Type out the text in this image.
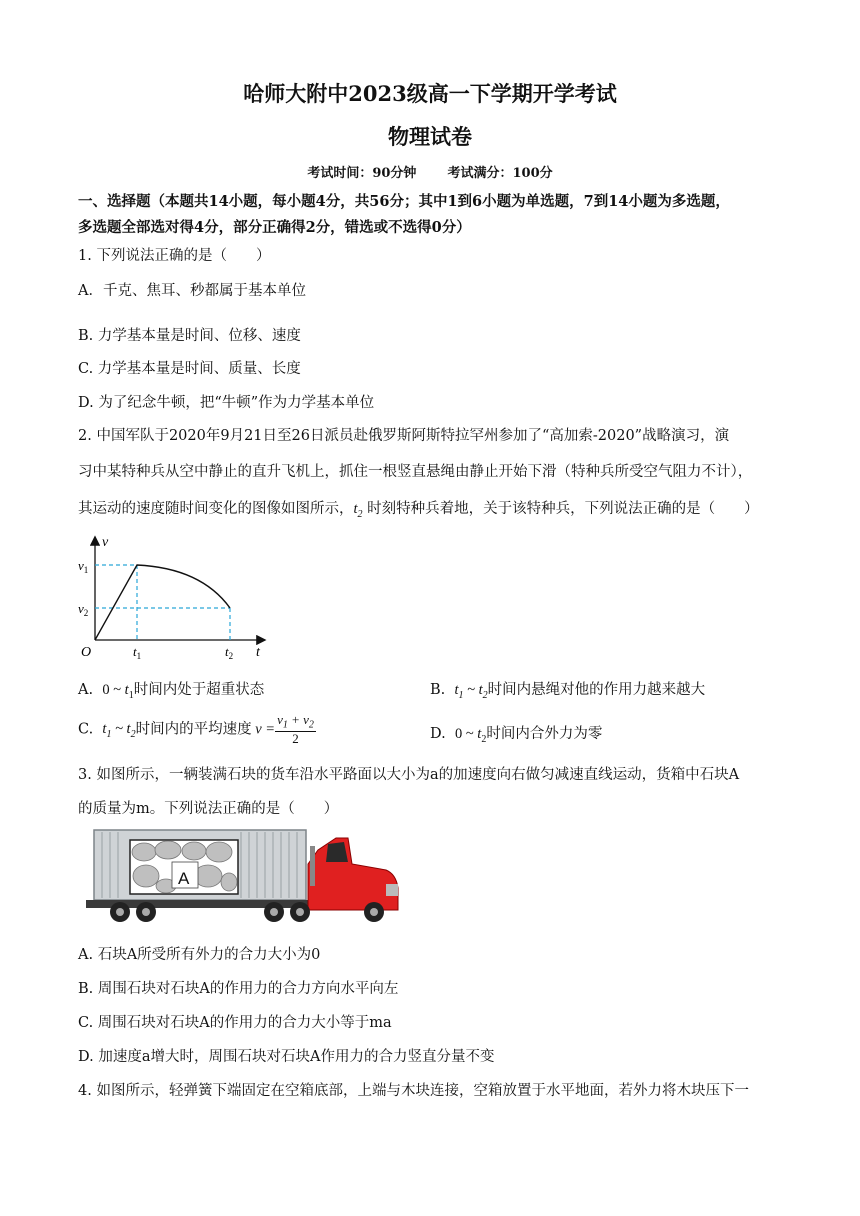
哈师大附中2023级高一下学期开学考试
物理试卷
考试时间：90分钟 考试满分：100分
一、选择题（本题共14小题，每小题4分，共56分；其中1到6小题为单选题，7到14小题为多选题，
多选题全部选对得4分，部分正确得2分，错选或不选得0分）
1. 下列说法正确的是（　　）
A．千克、焦耳、秒都属于基本单位
B. 力学基本量是时间、位移、速度
C. 力学基本量是时间、质量、长度
D. 为了纪念牛顿，把“牛顿”作为力学基本单位
2. 中国军队于2020年9月21日至26日派员赴俄罗斯阿斯特拉罕州参加了“高加索-2020”战略演习，演
习中某特种兵从空中静止的直升飞机上，抓住一根竖直悬绳由静止开始下滑（特种兵所受空气阻力不计），
其运动的速度随时间变化的图像如图所示，$t_2$ 时刻特种兵着地，关于该特种兵，下列说法正确的是（　　）
v
t
O
$v_1$
$v_2$
$t_1$	$t_2$
A.  0 ~ $t_1$时间内处于超重状态	B.  $t_1$ ~ $t_2$时间内悬绳对他的作用力越来越大
C.  $t_1$ ~ $t_2$时间内的平均速度 $v = \frac{v_1 + v_2}{2}$	D.  0 ~ $t_2$时间内合外力为零
3. 如图所示，一辆装满石块的货车沿水平路面以大小为a的加速度向右做匀减速直线运动，货箱中石块A
的质量为m。下列说法正确的是（　　）
A
A. 石块A所受所有外力的合力大小为0
B. 周围石块对石块A的作用力的合力方向水平向左
C. 周围石块对石块A的作用力的合力大小等于ma
D. 加速度a增大时，周围石块对石块A作用力的合力竖直分量不变
4. 如图所示，轻弹簧下端固定在空箱底部，上端与木块连接，空箱放置于水平地面，若外力将木块压下一
